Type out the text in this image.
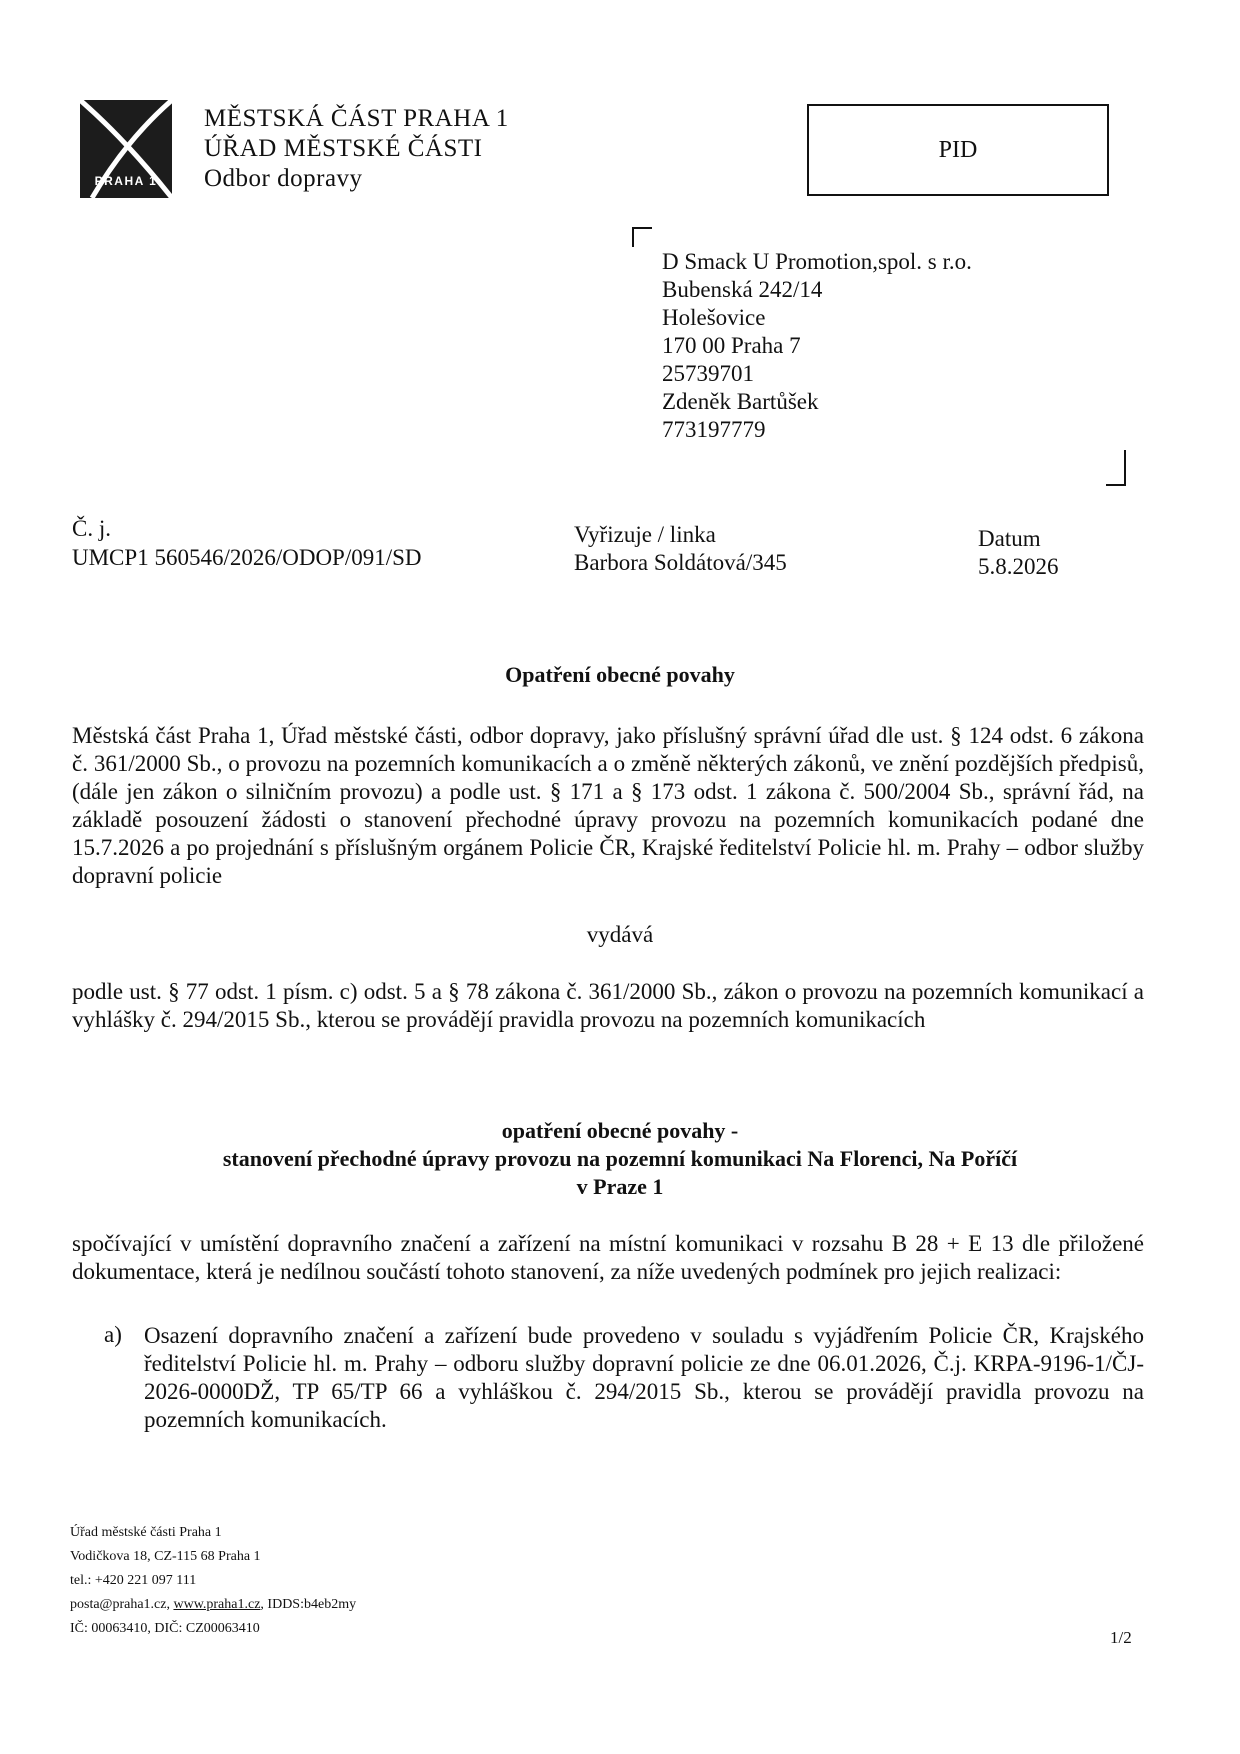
PRAHA 1
MĚSTSKÁ ČÁST PRAHA 1
ÚŘAD MĚSTSKÉ ČÁSTI
Odbor dopravy
PID
D Smack U Promotion,spol. s r.o.
Bubenská 242/14
Holešovice
170 00 Praha 7
25739701
Zdeněk Bartůšek
773197779
Č. j.
UMCP1 560546/2026/ODOP/091/SD
Vyřizuje / linka
Barbora Soldátová/345
Datum
5.8.2026
Opatření obecné povahy
Městská část Praha 1, Úřad městské části, odbor dopravy, jako příslušný správní úřad dle ust. § 124 odst. 6 zákona č. 361/2000 Sb., o provozu na pozemních komunikacích a o změně některých zákonů, ve znění pozdějších předpisů, (dále jen zákon o silničním provozu) a podle ust. § 171 a § 173 odst. 1 zákona č. 500/2004 Sb., správní řád, na základě posouzení žádosti o stanovení přechodné úpravy provozu na pozemních komunikacích podané dne 15.7.2026 a po projednání s příslušným orgánem Policie ČR, Krajské ředitelství Policie hl. m. Prahy – odbor služby dopravní policie
vydává
podle ust. § 77 odst. 1 písm. c) odst. 5 a § 78 zákona č. 361/2000 Sb., zákon o provozu na pozemních komunikací a vyhlášky č. 294/2015 Sb., kterou se provádějí pravidla provozu na pozemních komunikacích
opatření obecné povahy -
stanovení přechodné úpravy provozu na pozemní komunikaci Na Florenci, Na Poříčí
v Praze 1
spočívající v umístění dopravního značení a zařízení na místní komunikaci v rozsahu B 28 + E 13 dle přiložené dokumentace, která je nedílnou součástí tohoto stanovení, za níže uvedených podmínek pro jejich realizaci:
a) Osazení dopravního značení a zařízení bude provedeno v souladu s vyjádřením Policie ČR, Krajského ředitelství Policie hl. m. Prahy – odboru služby dopravní policie ze dne 06.01.2026, Č.j. KRPA-9196-1/ČJ-2026-0000DŽ, TP 65/TP 66 a vyhláškou č. 294/2015 Sb., kterou se provádějí pravidla provozu na pozemních komunikacích.
Úřad městské části Praha 1
Vodičkova 18, CZ-115 68 Praha 1
tel.: +420 221 097 111
posta@praha1.cz, www.praha1.cz, IDDS:b4eb2my
IČ: 00063410, DIČ: CZ00063410	1/2
